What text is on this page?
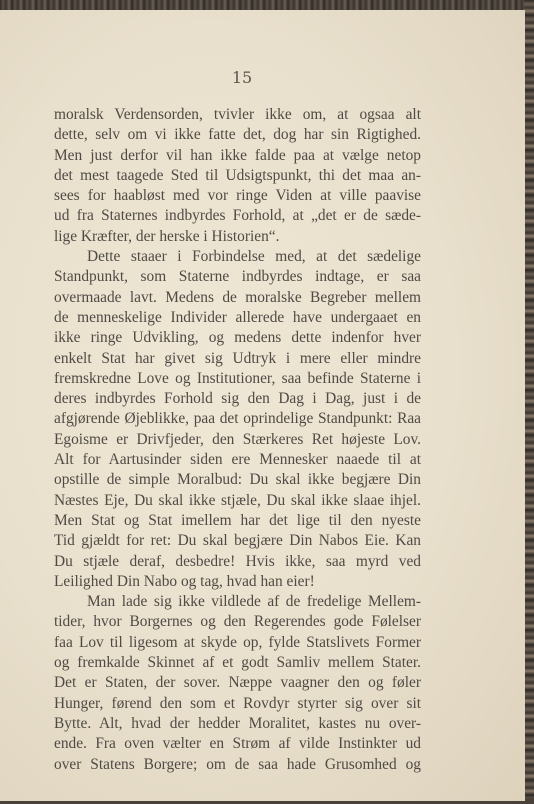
15
moralsk Verdensorden, tvivler ikke om, at ogsaa alt
dette, selv om vi ikke fatte det, dog har sin Rigtighed.
Men just derfor vil han ikke falde paa at vælge netop
det mest taagede Sted til Udsigtspunkt, thi det maa an-
sees for haabløst med vor ringe Viden at ville paavise
ud fra Staternes indbyrdes Forhold, at „det er de sæde-
lige Kræfter, der herske i Historien“.
Dette staaer i Forbindelse med, at det sædelige
Standpunkt, som Staterne indbyrdes indtage, er saa
overmaade lavt. Medens de moralske Begreber mellem
de menneskelige Individer allerede have undergaaet en
ikke ringe Udvikling, og medens dette indenfor hver
enkelt Stat har givet sig Udtryk i mere eller mindre
fremskredne Love og Institutioner, saa befinde Staterne i
deres indbyrdes Forhold sig den Dag i Dag, just i de
afgjørende Øjeblikke, paa det oprindelige Standpunkt: Raa
Egoisme er Drivfjeder, den Stærkeres Ret højeste Lov.
Alt for Aartusinder siden ere Mennesker naaede til at
opstille de simple Moralbud: Du skal ikke begjære Din
Næstes Eje, Du skal ikke stjæle, Du skal ikke slaae ihjel.
Men Stat og Stat imellem har det lige til den nyeste
Tid gjældt for ret: Du skal begjære Din Nabos Eie. Kan
Du stjæle deraf, desbedre! Hvis ikke, saa myrd ved
Leilighed Din Nabo og tag, hvad han eier!
Man lade sig ikke vildlede af de fredelige Mellem-
tider, hvor Borgernes og den Regerendes gode Følelser
faa Lov til ligesom at skyde op, fylde Statslivets Former
og fremkalde Skinnet af et godt Samliv mellem Stater.
Det er Staten, der sover. Næppe vaagner den og føler
Hunger, førend den som et Rovdyr styrter sig over sit
Bytte. Alt, hvad der hedder Moralitet, kastes nu over-
ende. Fra oven vælter en Strøm af vilde Instinkter ud
over Statens Borgere; om de saa hade Grusomhed og
